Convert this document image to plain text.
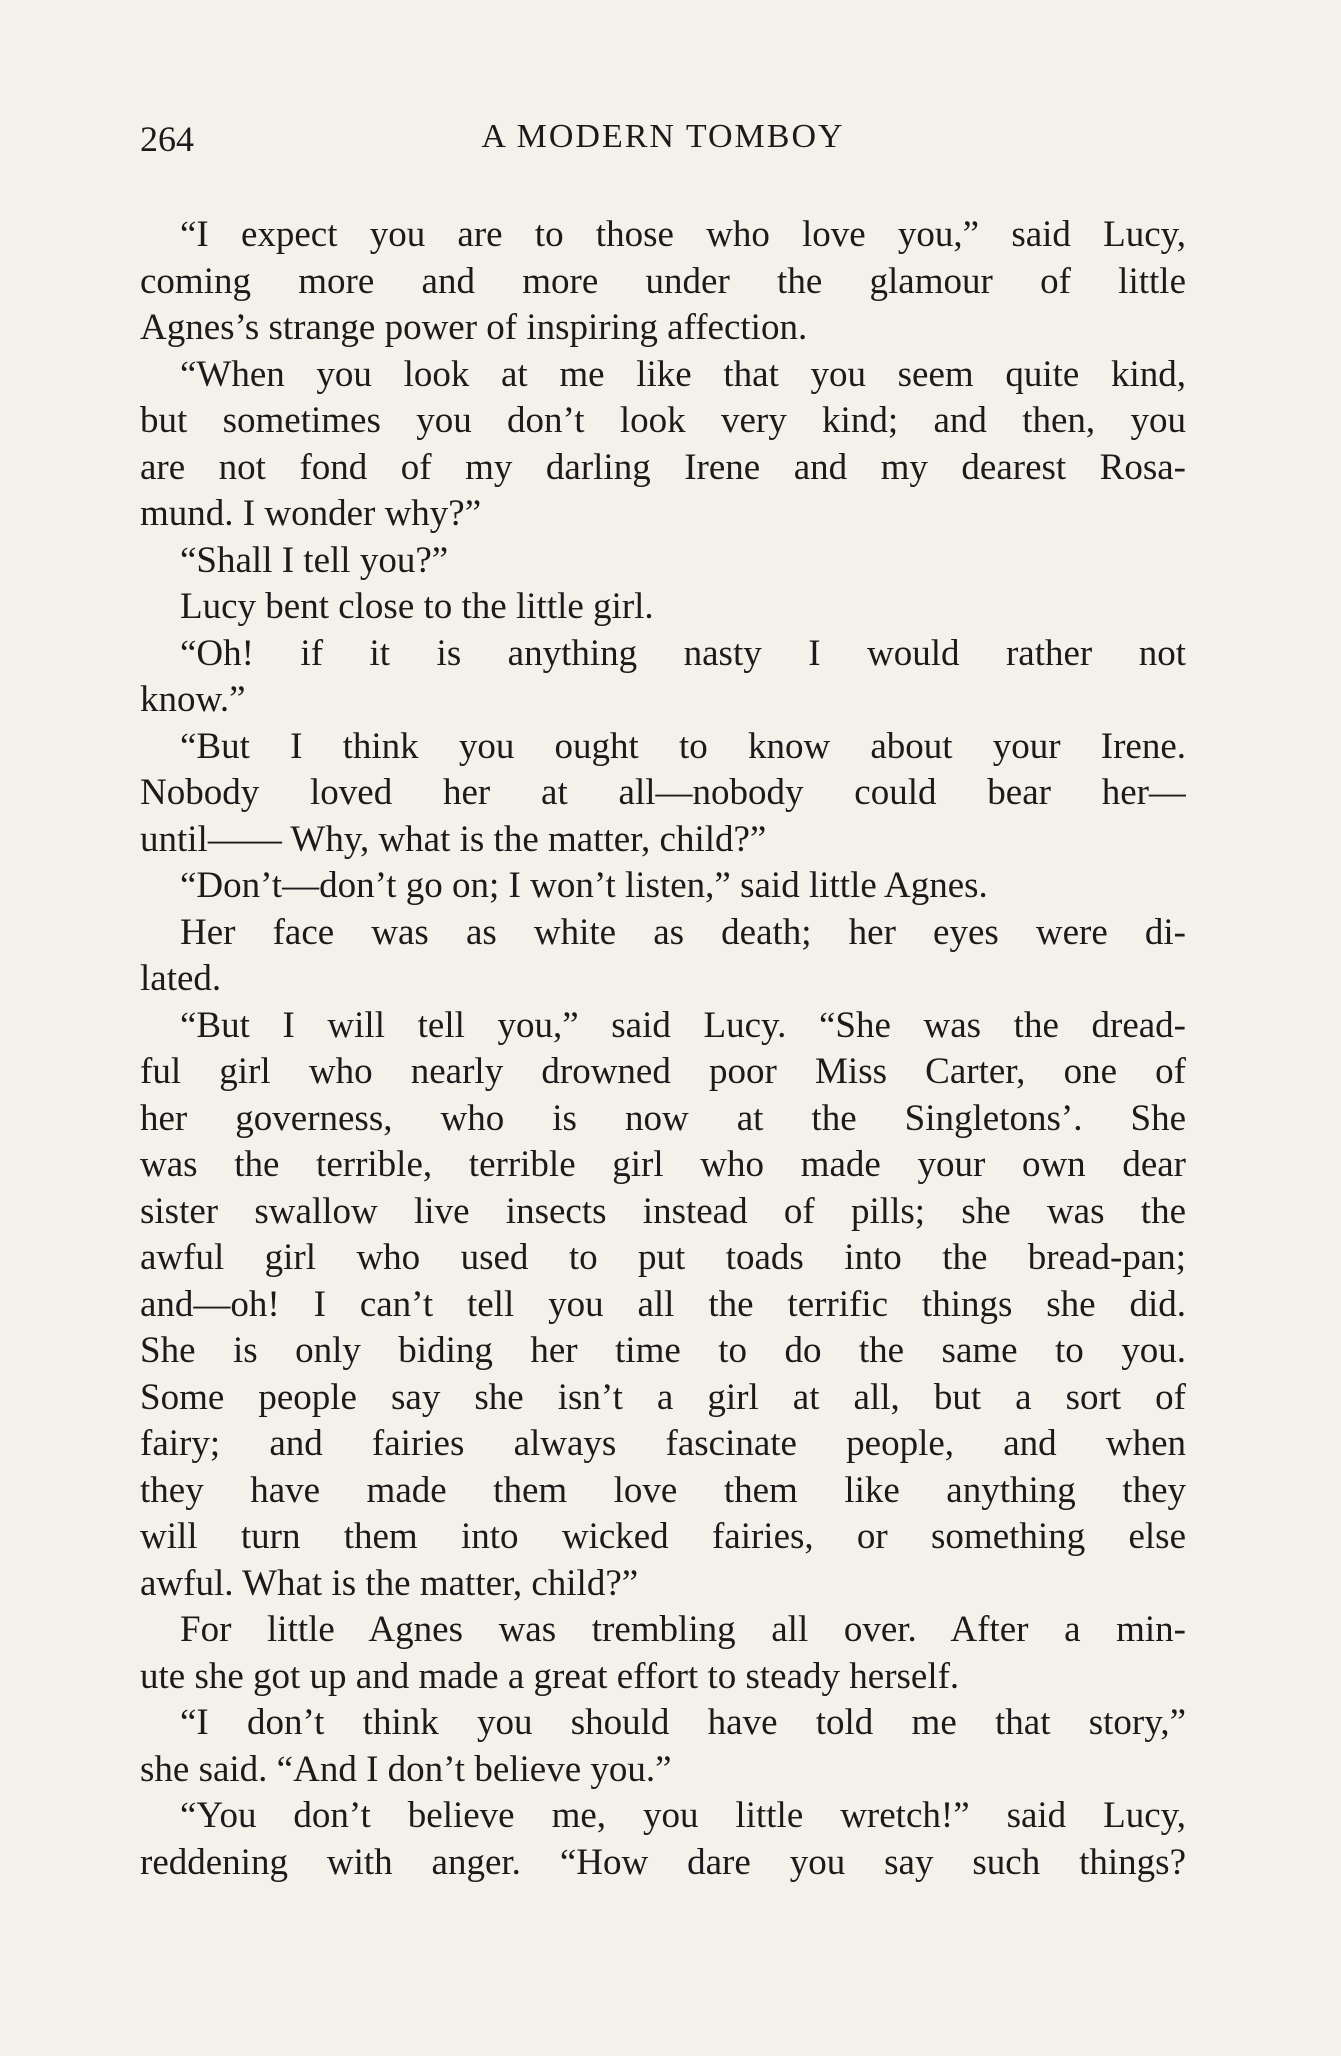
264	A MODERN TOMBOY
“I expect you are to those who love you,” said Lucy,
coming more and more under the glamour of little
Agnes’s strange power of inspiring affection.
“When you look at me like that you seem quite kind,
but sometimes you don’t look very kind; and then, you
are not fond of my darling Irene and my dearest Rosa-
mund. I wonder why?”
“Shall I tell you?”
Lucy bent close to the little girl.
“Oh! if it is anything nasty I would rather not
know.”
“But I think you ought to know about your Irene.
Nobody loved her at all—nobody could bear her—
until—— Why, what is the matter, child?”
“Don’t—don’t go on; I won’t listen,” said little Agnes.
Her face was as white as death; her eyes were di-
lated.
“But I will tell you,” said Lucy. “She was the dread-
ful girl who nearly drowned poor Miss Carter, one of
her governess, who is now at the Singletons’. She
was the terrible, terrible girl who made your own dear
sister swallow live insects instead of pills; she was the
awful girl who used to put toads into the bread-pan;
and—oh! I can’t tell you all the terrific things she did.
She is only biding her time to do the same to you.
Some people say she isn’t a girl at all, but a sort of
fairy; and fairies always fascinate people, and when
they have made them love them like anything they
will turn them into wicked fairies, or something else
awful. What is the matter, child?”
For little Agnes was trembling all over. After a min-
ute she got up and made a great effort to steady herself.
“I don’t think you should have told me that story,”
she said. “And I don’t believe you.”
“You don’t believe me, you little wretch!” said Lucy,
reddening with anger. “How dare you say such things?
